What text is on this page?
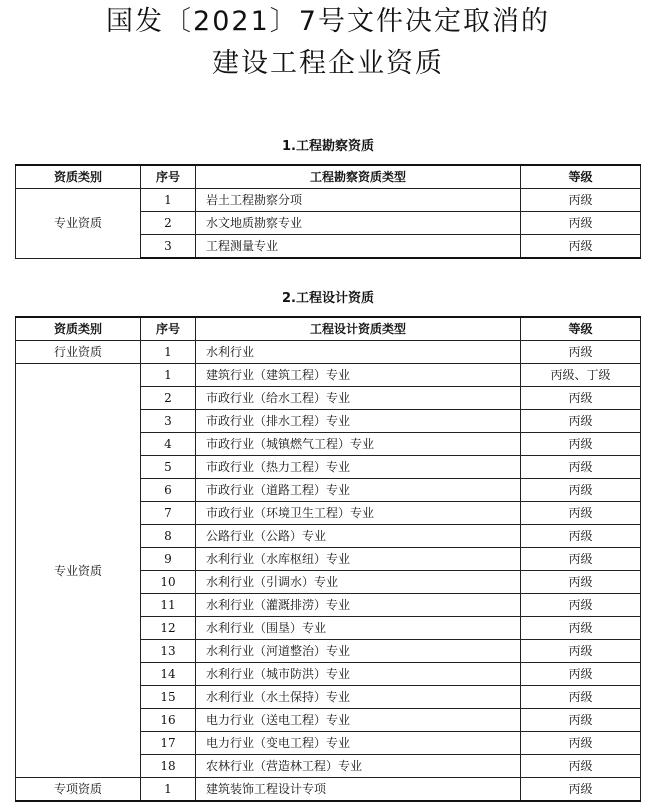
国发〔2021〕7号文件决定取消的
建设工程企业资质
1.工程勘察资质
资质类别	序号	工程勘察资质类型	等级
专业资质	1	岩土工程勘察分项	丙级
	2	水文地质勘察专业	丙级
	3	工程测量专业	丙级
2.工程设计资质
资质类别	序号	工程设计资质类型	等级
行业资质	1	水利行业	丙级
专业资质	1	建筑行业（建筑工程）专业	丙级、丁级
	2	市政行业（给水工程）专业	丙级
	3	市政行业（排水工程）专业	丙级
	4	市政行业（城镇燃气工程）专业	丙级
	5	市政行业（热力工程）专业	丙级
	6	市政行业（道路工程）专业	丙级
	7	市政行业（环境卫生工程）专业	丙级
	8	公路行业（公路）专业	丙级
	9	水利行业（水库枢纽）专业	丙级
	10	水利行业（引调水）专业	丙级
	11	水利行业（灌溉排涝）专业	丙级
	12	水利行业（围垦）专业	丙级
	13	水利行业（河道整治）专业	丙级
	14	水利行业（城市防洪）专业	丙级
	15	水利行业（水土保持）专业	丙级
	16	电力行业（送电工程）专业	丙级
	17	电力行业（变电工程）专业	丙级
	18	农林行业（营造林工程）专业	丙级
专项资质	1	建筑装饰工程设计专项	丙级
